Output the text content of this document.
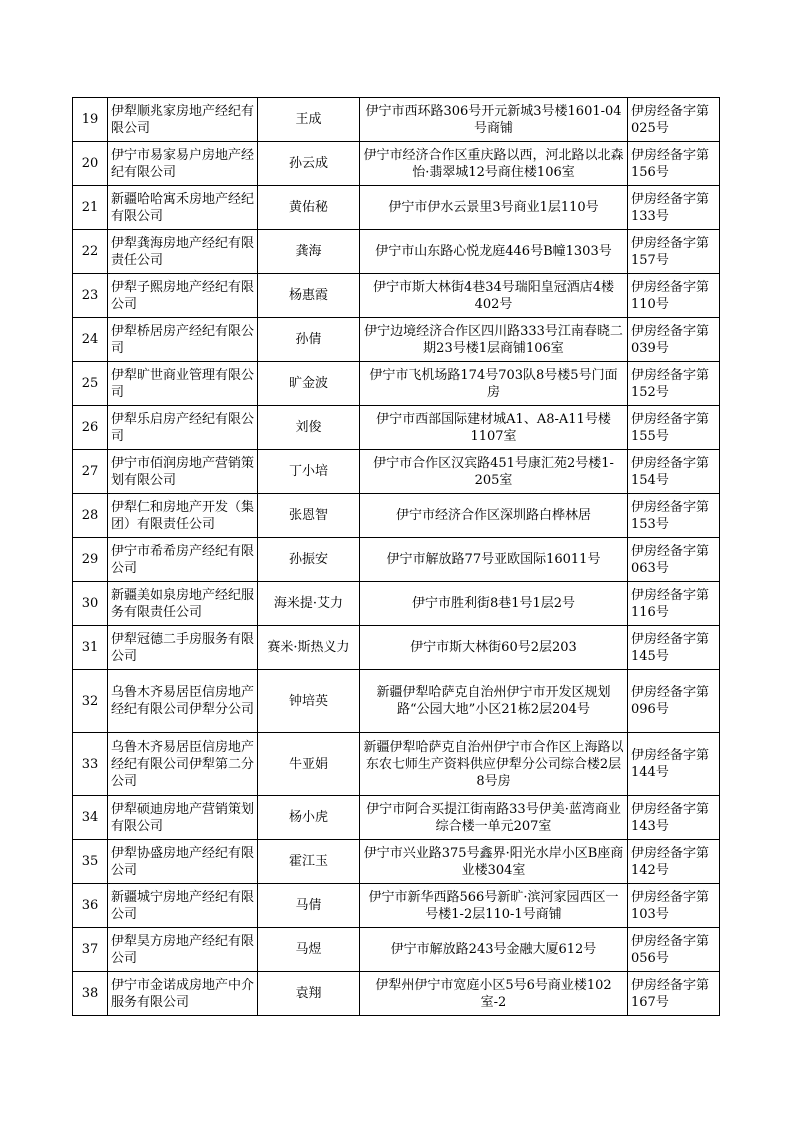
19	伊犁顺兆家房地产经纪有限公司	王成	伊宁市西环路306号开元新城3号楼1601-04号商铺	伊房经备字第025号

20	伊宁市易家易户房地产经纪有限公司	孙云成	伊宁市经济合作区重庆路以西，河北路以北森怡·翡翠城12号商住楼106室	伊房经备字第156号

21	新疆哈哈寓禾房地产经纪有限公司	黄佑秘	伊宁市伊水云景里3号商业1层110号	伊房经备字第133号

22	伊犁龚海房地产经纪有限责任公司	龚海	伊宁市山东路心悦龙庭446号B幢1303号	伊房经备字第157号

23	伊犁子熙房地产经纪有限公司	杨惠霞	伊宁市斯大林街4巷34号瑞阳皇冠酒店4楼402号	伊房经备字第110号

24	伊犁桥居房产经纪有限公司	孙倩	伊宁边境经济合作区四川路333号江南春晓二期23号楼1层商铺106室	伊房经备字第039号

25	伊犁旷世商业管理有限公司	旷金波	伊宁市飞机场路174号703队8号楼5号门面房	伊房经备字第152号

26	伊犁乐启房产经纪有限公司	刘俊	伊宁市西部国际建材城A1、A8-A11号楼1107室	伊房经备字第155号

27	伊宁市佰润房地产营销策划有限公司	丁小培	伊宁市合作区汉宾路451号康汇苑2号楼1-205室	伊房经备字第154号

28	伊犁仁和房地产开发（集团）有限责任公司	张恩智	伊宁市经济合作区深圳路白桦林居	伊房经备字第153号

29	伊宁市希希房产经纪有限公司	孙振安	伊宁市解放路77号亚欧国际16011号	伊房经备字第063号

30	新疆美如泉房地产经纪服务有限责任公司	海米提·艾力	伊宁市胜利街8巷1号1层2号	伊房经备字第116号

31	伊犁冠德二手房服务有限公司	赛米·斯热义力	伊宁市斯大林街60号2层203	伊房经备字第145号

32	乌鲁木齐易居臣信房地产经纪有限公司伊犁分公司	钟培英	新疆伊犁哈萨克自治州伊宁市开发区规划路“公园大地”小区21栋2层204号	伊房经备字第096号

33	乌鲁木齐易居臣信房地产经纪有限公司伊犁第二分公司	牛亚娟	新疆伊犁哈萨克自治州伊宁市合作区上海路以东农七师生产资料供应伊犁分公司综合楼2层8号房	伊房经备字第144号

34	伊犁硕迪房地产营销策划有限公司	杨小虎	伊宁市阿合买提江街南路33号伊美·蓝湾商业综合楼一单元207室	伊房经备字第143号

35	伊犁协盛房地产经纪有限公司	霍江玉	伊宁市兴业路375号鑫界·阳光水岸小区B座商业楼304室	伊房经备字第142号

36	新疆城宁房地产经纪有限公司	马倩	伊宁市新华西路566号新旷·滨河家园西区一号楼1-2层110-1号商铺	伊房经备字第103号

37	伊犁昊方房地产经纪有限公司	马煜	伊宁市解放路243号金融大厦612号	伊房经备字第056号

38	伊宁市金诺成房地产中介服务有限公司	袁翔	伊犁州伊宁市宽庭小区5号6号商业楼102室-2	伊房经备字第167号
